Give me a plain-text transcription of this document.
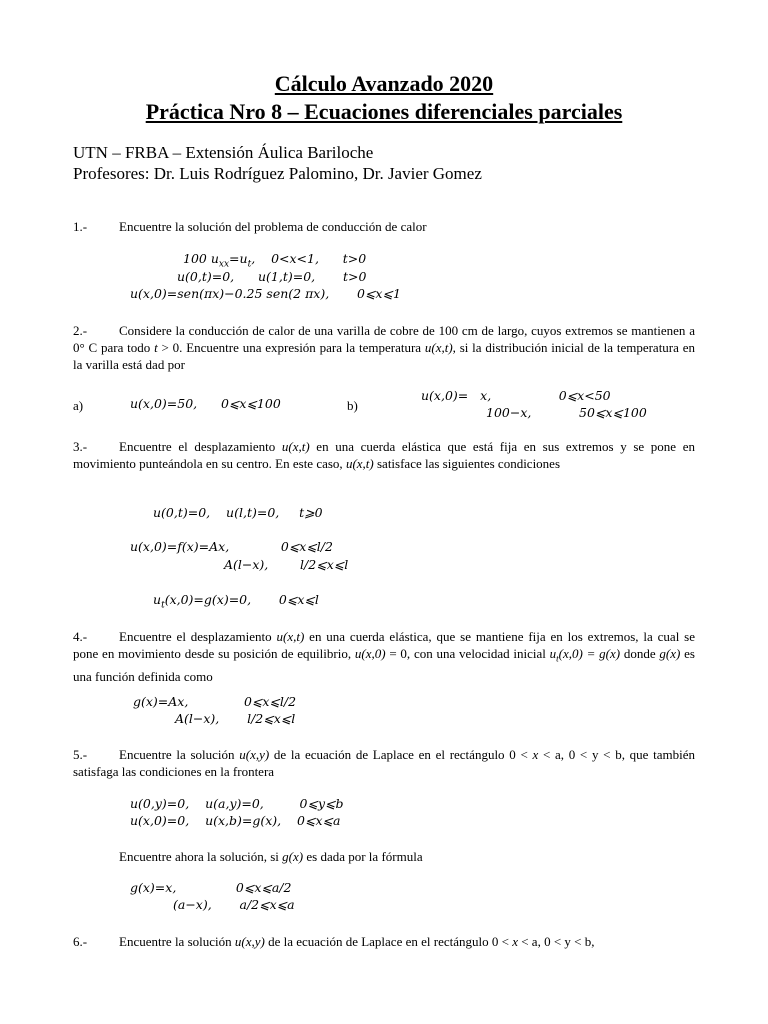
Cálculo Avanzado 2020
Práctica Nro 8 – Ecuaciones diferenciales parciales
UTN – FRBA – Extensión Áulica Bariloche
Profesores: Dr. Luis Rodríguez Palomino, Dr. Javier Gomez
1.- Encuentre la solución del problema de conducción de calor
100 $u_{xx}=u_t$,    0<x<1,      t>0
u(0,t)=0,      u(1,t)=0,       t>0
u(x,0)=sen(πx)−0.25 sen(2 πx),       0⩽x⩽1
2.-	Considere la conducción de calor de una varilla de cobre de 100 cm de largo, cuyos extremos se mantienen a 0° C para todo t > 0. Encuentre una expresión para la temperatura u(x,t), si la distribución inicial de la temperatura en la varilla está dad por
a)	u(x,0)=50,      0⩽x⩽100	b)
u(x,0)=   x,                 0⩽x<50
100−x,            50⩽x⩽100
3.-	Encuentre el desplazamiento u(x,t) en una cuerda elástica que está fija en sus extremos y se pone en movimiento punteándola en su centro. En este caso, u(x,t) satisface las siguientes condiciones
u(0,t)=0,    u(l,t)=0,     t⩾0
u(x,0)=f(x)=Ax,             0⩽x⩽l/2
A(l−x),        l/2⩽x⩽l
$u_t(x,0)=g(x)=0$,       0⩽x⩽l
4.-	Encuentre el desplazamiento u(x,t) en una cuerda elástica, que se mantiene fija en los extremos, la cual se pone en movimiento desde su posición de equilibrio, u(x,0) = 0, con una velocidad inicial $u_t(x,0) = g(x)$ donde g(x) es una función definida como
g(x)=Ax,              0⩽x⩽l/2
A(l−x),       l/2⩽x⩽l
5.-	Encuentre la solución u(x,y) de la ecuación de Laplace en el rectángulo 0 < x < a, 0 < y < b, que también satisfaga las condiciones en la frontera
u(0,y)=0,    u(a,y)=0,         0⩽y⩽b
u(x,0)=0,    u(x,b)=g(x),    0⩽x⩽a
Encuentre ahora la solución, si g(x) es dada por la fórmula
g(x)=x,               0⩽x⩽a/2
(a−x),       a/2⩽x⩽a
6.-	Encuentre la solución u(x,y) de la ecuación de Laplace en el rectángulo 0 < x < a, 0 < y < b,
